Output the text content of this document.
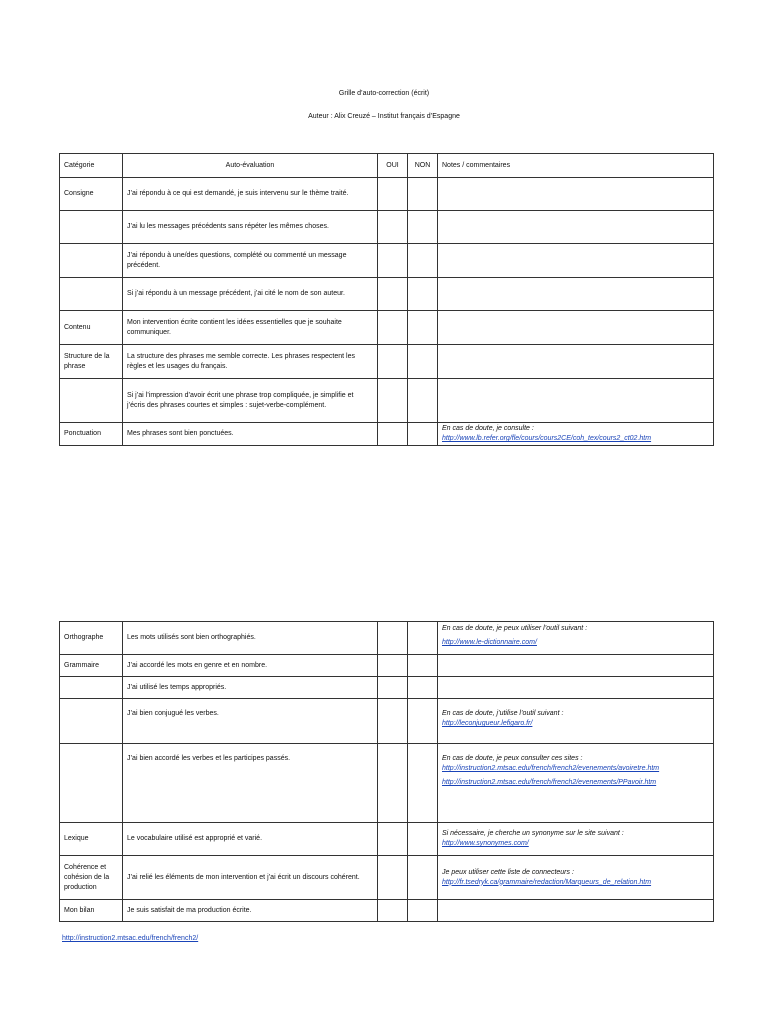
Grille d’auto-correction (écrit)
Auteur : Alix Creuzé – Institut français d’Espagne
Catégorie	Auto-évaluation	OUI	NON	Notes / commentaires
Consigne	J’ai répondu à ce qui est demandé, je suis intervenu sur le thème traité.			
	J’ai lu les messages précédents sans répéter les mêmes choses.			
	J’ai répondu à une/des questions, complété ou commenté un message précédent.			
	Si j’ai répondu à un message précédent, j’ai cité le nom de son auteur.			
Contenu	Mon intervention écrite contient les idées essentielles que je souhaite communiquer.			
Structure de la phrase	La structure des phrases me semble correcte. Les phrases respectent les règles et les usages du français.			
	Si j’ai l’impression d’avoir écrit une phrase trop compliquée, je simplifie et j’écris des phrases courtes et simples : sujet-verbe-complément.			
Ponctuation	Mes phrases sont bien ponctuées.			En cas de doute, je consulte :
http://www.lb.refer.org/fle/cours/cours2CE/coh_tex/cours2_ct02.htm
Orthographe	Les mots utilisés sont bien orthographiés.			En cas de doute, je peux utiliser l’outil suivant :
http://www.le-dictionnaire.com/

Grammaire	J’ai accordé les mots en genre et en nombre.			
	J’ai utilisé les temps appropriés.			
	J’ai bien conjugué les verbes.			En cas de doute, j’utilise l’outil suivant :
http://leconjugueur.lefigaro.fr/
	J’ai bien accordé les verbes et les participes passés.			En cas de doute, je peux consulter ces sites :
http://instruction2.mtsac.edu/french/french2/evenements/avoiretre.htm
http://instruction2.mtsac.edu/french/french2/evenements/PPavoir.htm

Lexique	Le vocabulaire utilisé est approprié et varié.			Si nécessaire, je cherche un synonyme sur le site suivant :
http://www.synonymes.com/
Cohérence et cohésion de la production	J’ai relié les éléments de mon intervention et j’ai écrit un discours cohérent.			Je peux utiliser cette liste de connecteurs :
http://fr.tsedryk.ca/grammaire/redaction/Marqueurs_de_relation.htm
Mon bilan	Je suis satisfait de ma production écrite.			
http://instruction2.mtsac.edu/french/french2/
